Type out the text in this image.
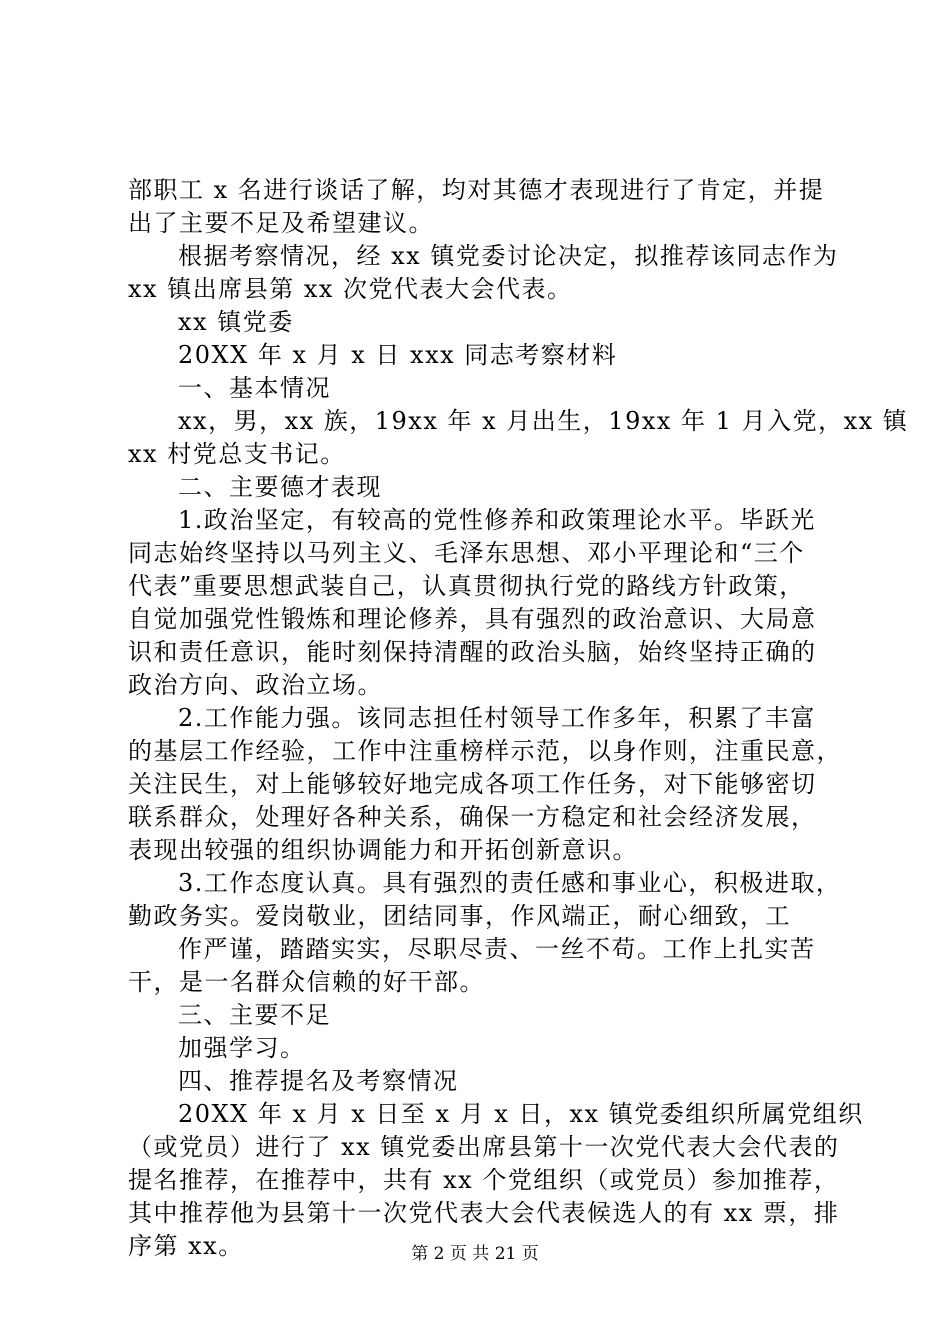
部职工 x 名进行谈话了解，均对其德才表现进行了肯定，并提
出了主要不足及希望建议。
根据考察情况，经 xx 镇党委讨论决定，拟推荐该同志作为
xx 镇出席县第 xx 次党代表大会代表。
xx 镇党委
20XX 年 x 月 x 日 xxx 同志考察材料
一、基本情况
xx，男，xx 族，19xx 年 x 月出生，19xx 年 1 月入党，xx 镇
xx 村党总支书记。
二、主要德才表现
1.政治坚定，有较高的党性修养和政策理论水平。毕跃光
同志始终坚持以马列主义、毛泽东思想、邓小平理论和“三个
代表”重要思想武装自己，认真贯彻执行党的路线方针政策，
自觉加强党性锻炼和理论修养，具有强烈的政治意识、大局意
识和责任意识，能时刻保持清醒的政治头脑，始终坚持正确的
政治方向、政治立场。
2.工作能力强。该同志担任村领导工作多年，积累了丰富
的基层工作经验，工作中注重榜样示范，以身作则，注重民意，
关注民生，对上能够较好地完成各项工作任务，对下能够密切
联系群众，处理好各种关系，确保一方稳定和社会经济发展，
表现出较强的组织协调能力和开拓创新意识。
3.工作态度认真。具有强烈的责任感和事业心，积极进取，
勤政务实。爱岗敬业，团结同事，作风端正，耐心细致，工
作严谨，踏踏实实，尽职尽责、一丝不苟。工作上扎实苦
干，是一名群众信赖的好干部。
三、主要不足
加强学习。
四、推荐提名及考察情况
20XX 年 x 月 x 日至 x 月 x 日，xx 镇党委组织所属党组织
（或党员）进行了 xx 镇党委出席县第十一次党代表大会代表的
提名推荐，在推荐中，共有 xx 个党组织（或党员）参加推荐，
其中推荐他为县第十一次党代表大会代表候选人的有 xx 票，排
序第 xx。	第 2 页 共 21 页
